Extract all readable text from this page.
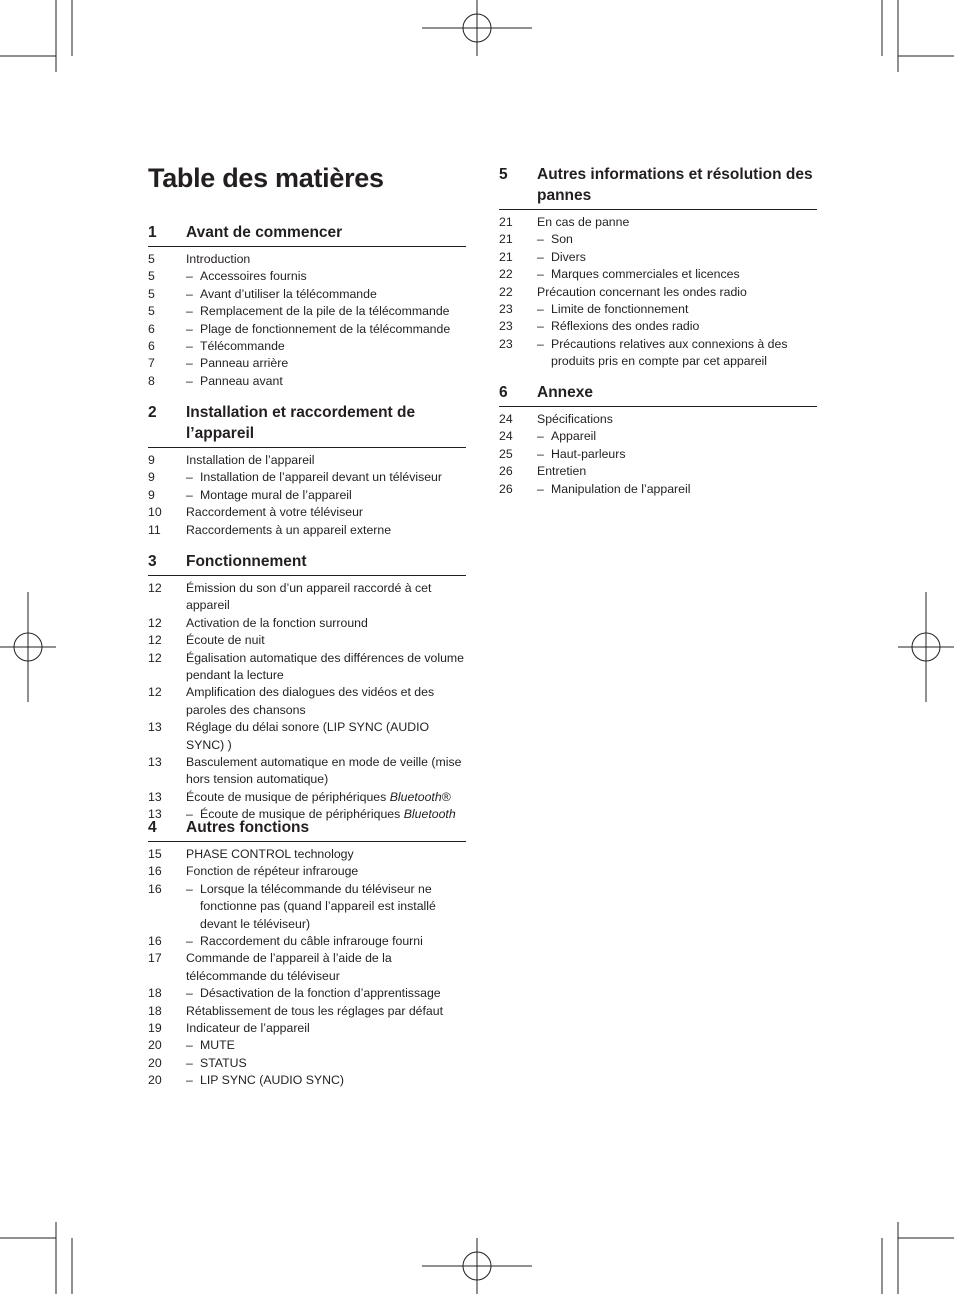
Table des matières
1	Avant de commencer
5	Introduction
5	– Accessoires fournis
5	– Avant d’utiliser la télécommande
5	– Remplacement de la pile de la télécommande
6	– Plage de fonctionnement de la télécommande
6	– Télécommande
7	– Panneau arrière
8	– Panneau avant
2	Installation et raccordement de l’appareil
9	Installation de l’appareil
9	– Installation de l’appareil devant un téléviseur
9	– Montage mural de l’appareil
10	Raccordement à votre téléviseur
11	Raccordements à un appareil externe
3	Fonctionnement
12	Émission du son d’un appareil raccordé à cet appareil
12	Activation de la fonction surround
12	Écoute de nuit
12	Égalisation automatique des différences de volume pendant la lecture
12	Amplification des dialogues des vidéos et des paroles des chansons
13	Réglage du délai sonore (LIP SYNC (AUDIO SYNC) )
13	Basculement automatique en mode de veille (mise hors tension automatique)
13	Écoute de musique de périphériques Bluetooth®
13	– Écoute de musique de périphériques Bluetooth
4	Autres fonctions
15	PHASE CONTROL technology
16	Fonction de répéteur infrarouge
16	– Lorsque la télécommande du téléviseur ne fonctionne pas (quand l’appareil est installé devant le téléviseur)
16	– Raccordement du câble infrarouge fourni
17	Commande de l’appareil à l’aide de la télécommande du téléviseur
18	– Désactivation de la fonction d’apprentissage
18	Rétablissement de tous les réglages par défaut
19	Indicateur de l’appareil
20	– MUTE
20	– STATUS
20	– LIP SYNC (AUDIO SYNC)
5	Autres informations et résolution des pannes
21	En cas de panne
21	– Son
21	– Divers
22	– Marques commerciales et licences
22	Précaution concernant les ondes radio
23	– Limite de fonctionnement
23	– Réflexions des ondes radio
23	– Précautions relatives aux connexions à des produits pris en compte par cet appareil
6	Annexe
24	Spécifications
24	– Appareil
25	– Haut-parleurs
26	Entretien
26	– Manipulation de l’appareil
